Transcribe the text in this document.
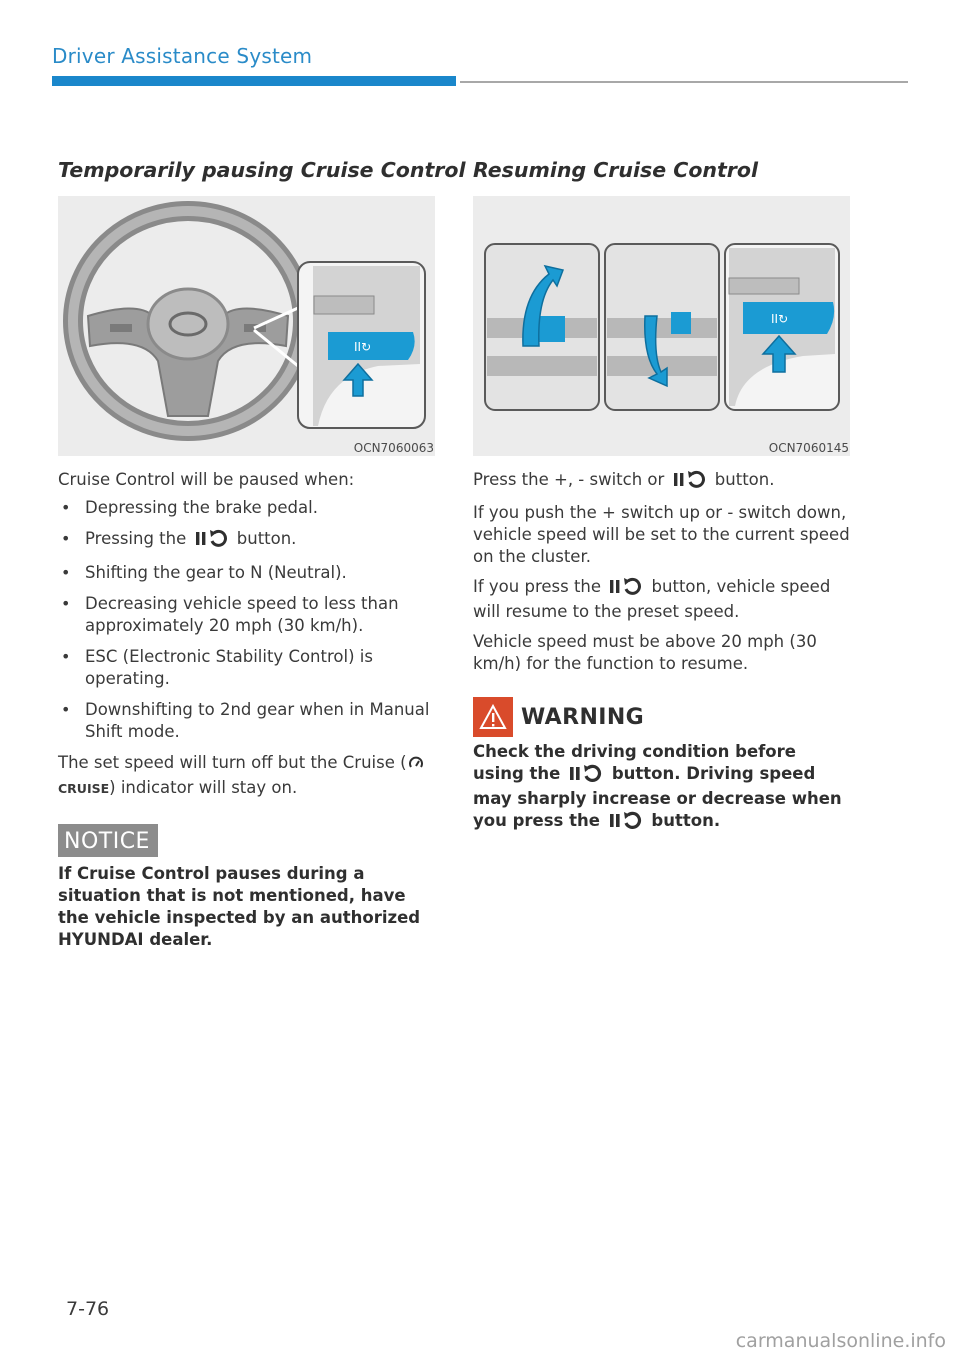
Driver Assistance System
Temporarily pausing Cruise Control
II↻
OCN7060063

Cruise Control will be paused when:

• Depressing the brake pedal.
• Pressing the  button.
• Shifting the gear to N (Neutral).
• Decreasing vehicle speed to less than approximately 20 mph (30 km/h).
• ESC (Electronic Stability Control) is operating.
• Downshifting to 2nd gear when in Manual Shift mode.

The set speed will turn off but the Cruise (CRUISE) indicator will stay on.

NOTICE
If Cruise Control pauses during a situation that is not mentioned, have the vehicle inspected by an authorized HYUNDAI dealer.
Resuming Cruise Control
II↻
OCN7060145

Press the +, - switch or  button.

If you push the + switch up or - switch down, vehicle speed will be set to the current speed on the cluster.

If you press the  button, vehicle speed will resume to the preset speed.

Vehicle speed must be above 20 mph (30 km/h) for the function to resume.

WARNING
Check the driving condition before using the  button. Driving speed may sharply increase or decrease when you press the  button.
7-76
carmanualsonline.info
